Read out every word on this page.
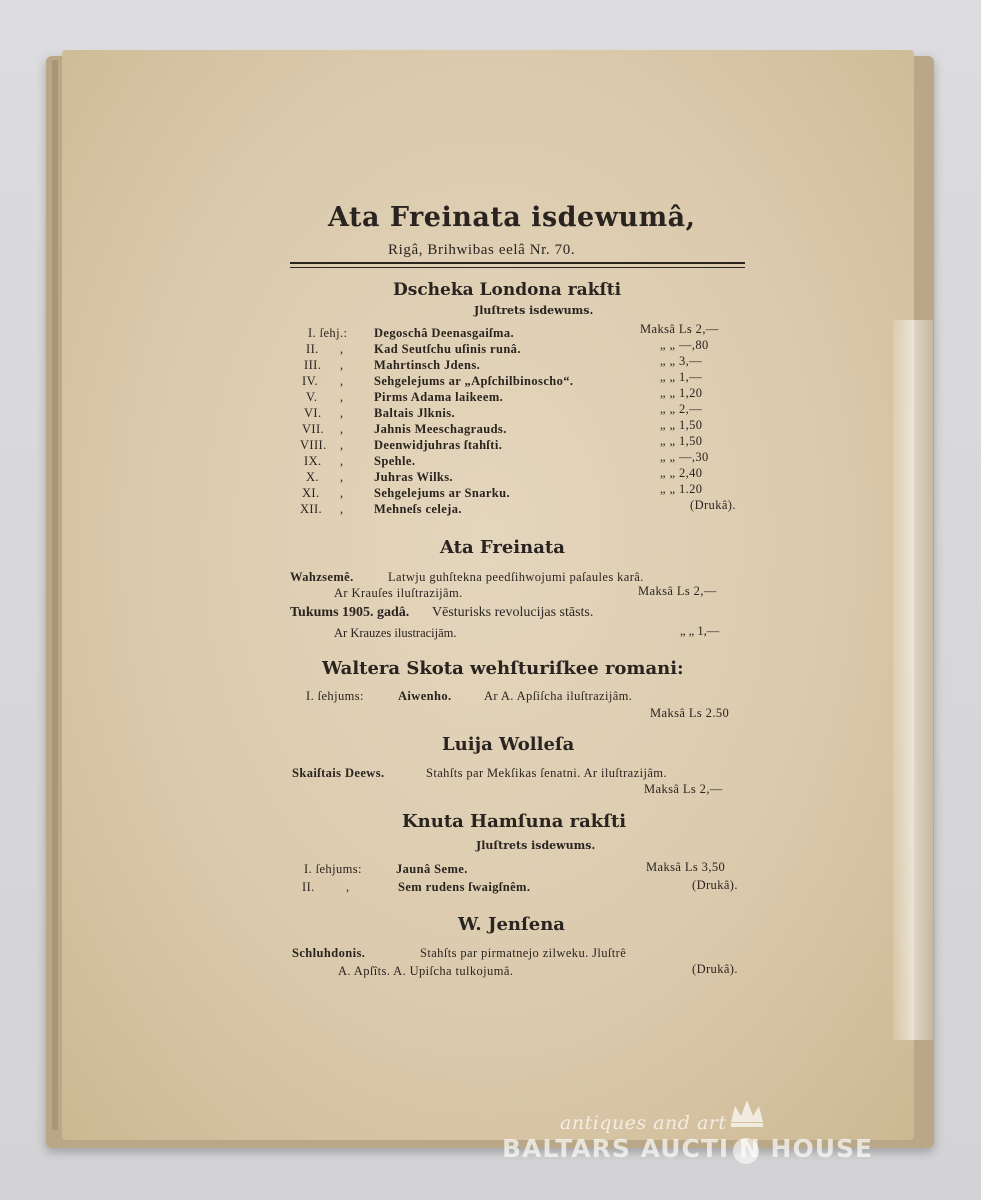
Ata Freinata isdewumâ,
Rigâ, Brihwibas eelâ Nr. 70.
Dscheka Londona rakſti
Jluſtrets isdewums.
I. ſehj.: Degoschâ Deenasgaiſma.	Maksâ Ls 2,—
II. , Kad Seutſchu uſinis runâ.	„ „ —,80
III. , Mahrtinsch Jdens.	„ „ 3,—
IV. , Sehgelejums ar „Apſchilbinoscho“.	„ „ 1,—
V. , Pirms Adama laikeem.	„ „ 1,20
VI. , Baltais Jlknis.	„ „ 2,—
VII. , Jahnis Meeschagrauds.	„ „ 1,50
VIII. , Deenwidjuhras ſtahſti.	„ „ 1,50
IX. , Spehle.	„ „ —,30
X. , Juhras Wilks.	„ „ 2,40
XI. , Sehgelejums ar Snarku.	„ „ 1.20
XII. , Mehneſs celeja.	(Drukâ).
Ata Freinata
Wahzsemê.	Latwju guhſtekna peedſihwojumi paſaules karâ.
Ar Krauſes iluſtrazijâm.	Maksâ Ls 2,—
Tukums 1905. gadâ. Vēsturisks revolucijas stāsts.
Ar Krauzes ilustracijām.	„ „ 1,—
Waltera Skota wehſturiſkee romani:
I. ſehjums:	Aiwenho.	Ar A. Apſiſcha iluſtrazijâm.
Maksâ Ls 2.50
Luija Wolleſa
Skaiſtais Deews.	Stahſts par Mekſikas ſenatni. Ar iluſtrazijâm.
Maksâ Ls 2,—
Knuta Hamſuna rakſti
Jluſtrets isdewums.
I. ſehjums:	Jaunâ Seme.	Maksâ Ls 3,50
II.	,	Sem rudens ſwaigſnêm.	(Drukâ).
W. Jenſena
Schluhdonis.	Stahſts par pirmatnejo zilweku. Jluſtrê
A. Apſîts. A. Upiſcha tulkojumâ.	(Drukâ).
antiques and art
BALTARS AUCTI N HOUSE
